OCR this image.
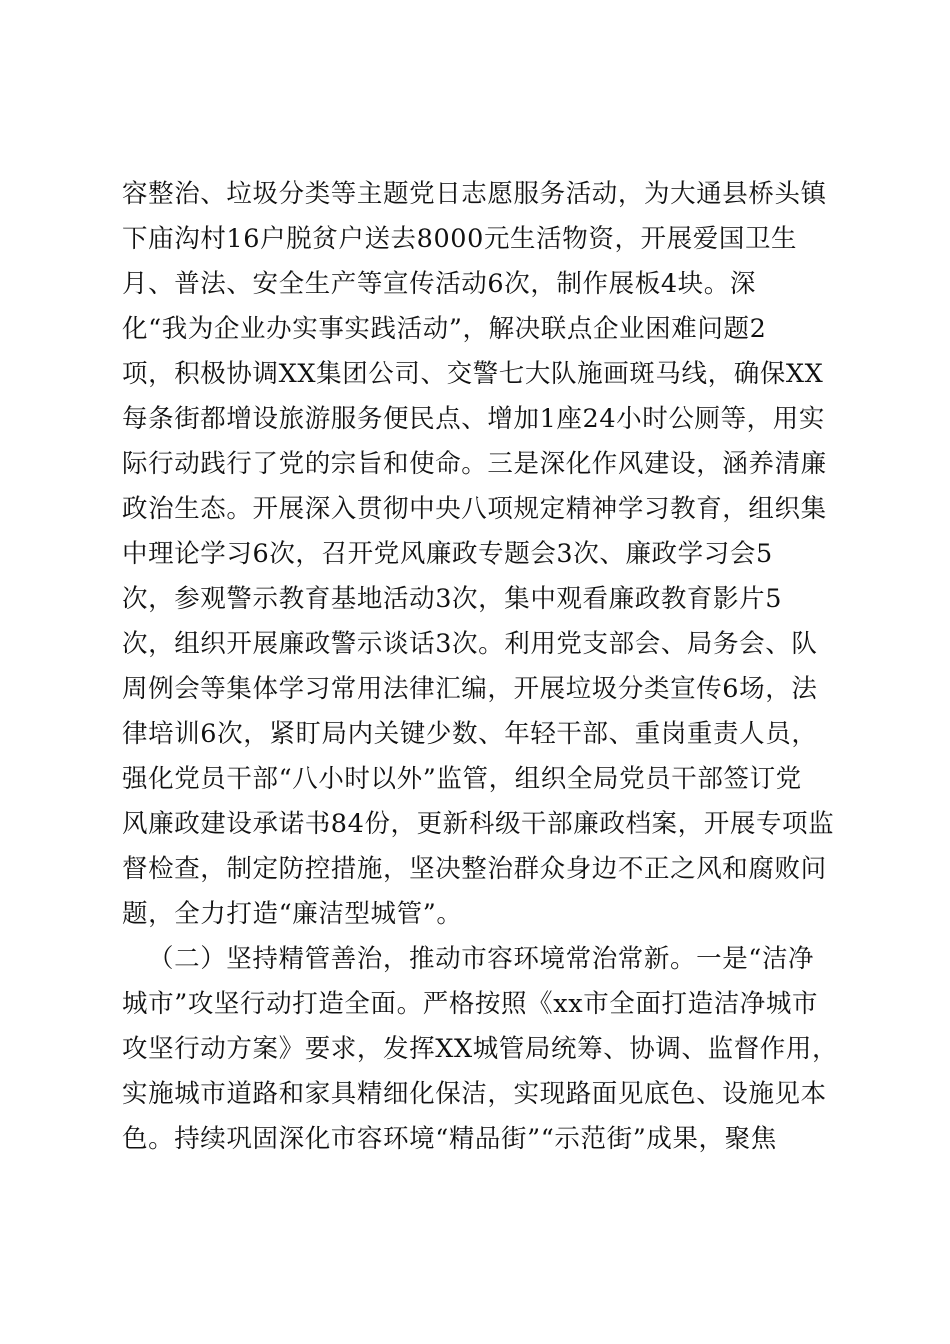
容整治、垃圾分类等主题党日志愿服务活动，为大通县桥头镇
下庙沟村16户脱贫户送去8000元生活物资，开展爱国卫生
月、普法、安全生产等宣传活动6次，制作展板4块。深
化“我为企业办实事实践活动”，解决联点企业困难问题2
项，积极协调XX集团公司、交警七大队施画斑马线，确保XX
每条街都增设旅游服务便民点、增加1座24小时公厕等，用实
际行动践行了党的宗旨和使命。三是深化作风建设，涵养清廉
政治生态。开展深入贯彻中央八项规定精神学习教育，组织集
中理论学习6次，召开党风廉政专题会3次、廉政学习会5
次，参观警示教育基地活动3次，集中观看廉政教育影片5
次，组织开展廉政警示谈话3次。利用党支部会、局务会、队
周例会等集体学习常用法律汇编，开展垃圾分类宣传6场，法
律培训6次，紧盯局内关键少数、年轻干部、重岗重责人员，
强化党员干部“八小时以外”监管，组织全局党员干部签订党
风廉政建设承诺书84份，更新科级干部廉政档案，开展专项监
督检查，制定防控措施，坚决整治群众身边不正之风和腐败问
题，全力打造“廉洁型城管”。
（二）坚持精管善治，推动市容环境常治常新。一是“洁净
城市”攻坚行动打造全面。严格按照《xx市全面打造洁净城市
攻坚行动方案》要求，发挥XX城管局统筹、协调、监督作用，
实施城市道路和家具精细化保洁，实现路面见底色、设施见本
色。持续巩固深化市容环境“精品街”“示范街”成果，聚焦
